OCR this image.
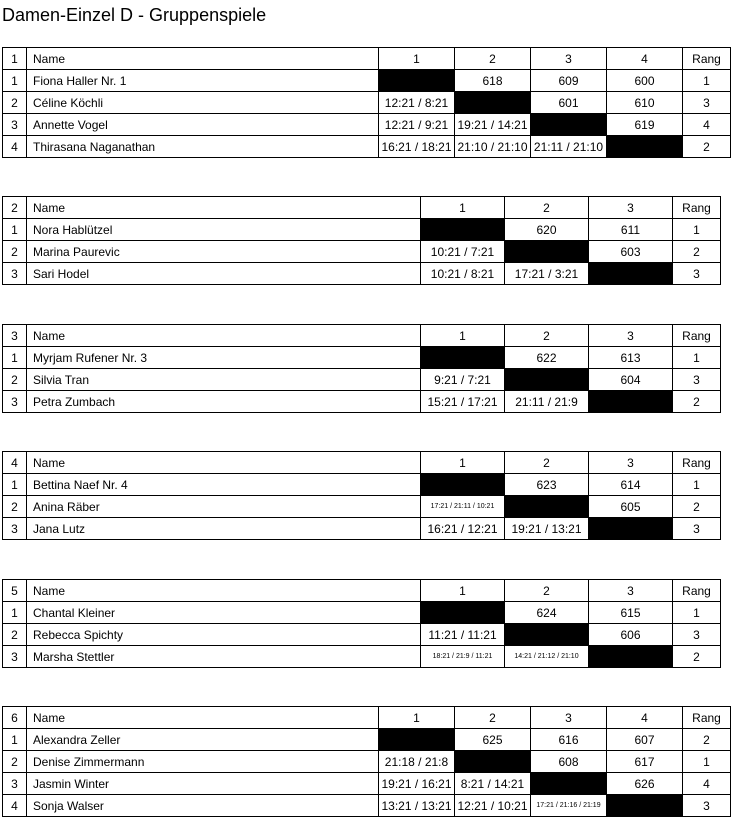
Damen-Einzel D - Gruppenspiele
1	Name	1	2	3	4	Rang
1	Fiona Haller Nr. 1		618	609	600	1
2	Céline Köchli	12:21 / 8:21		601	610	3
3	Annette Vogel	12:21 / 9:21	19:21 / 14:21		619	4
4	Thirasana Naganathan	16:21 / 18:21	21:10 / 21:10	21:11 / 21:10		2
2	Name	1	2	3	Rang
1	Nora Hablützel		620	611	1
2	Marina Paurevic	10:21 / 7:21		603	2
3	Sari Hodel	10:21 / 8:21	17:21 / 3:21		3
3	Name	1	2	3	Rang
1	Myrjam Rufener Nr. 3		622	613	1
2	Silvia Tran	9:21 / 7:21		604	3
3	Petra Zumbach	15:21 / 17:21	21:11 / 21:9		2
4	Name	1	2	3	Rang
1	Bettina Naef Nr. 4		623	614	1
2	Anina Räber	17:21 / 21:11 / 10:21		605	2
3	Jana Lutz	16:21 / 12:21	19:21 / 13:21		3
5	Name	1	2	3	Rang
1	Chantal Kleiner		624	615	1
2	Rebecca Spichty	11:21 / 11:21		606	3
3	Marsha Stettler	18:21 / 21:9 / 11:21	14:21 / 21:12 / 21:10		2
6	Name	1	2	3	4	Rang
1	Alexandra Zeller		625	616	607	2
2	Denise Zimmermann	21:18 / 21:8		608	617	1
3	Jasmin Winter	19:21 / 16:21	8:21 / 14:21		626	4
4	Sonja Walser	13:21 / 13:21	12:21 / 10:21	17:21 / 21:16 / 21:19		3
